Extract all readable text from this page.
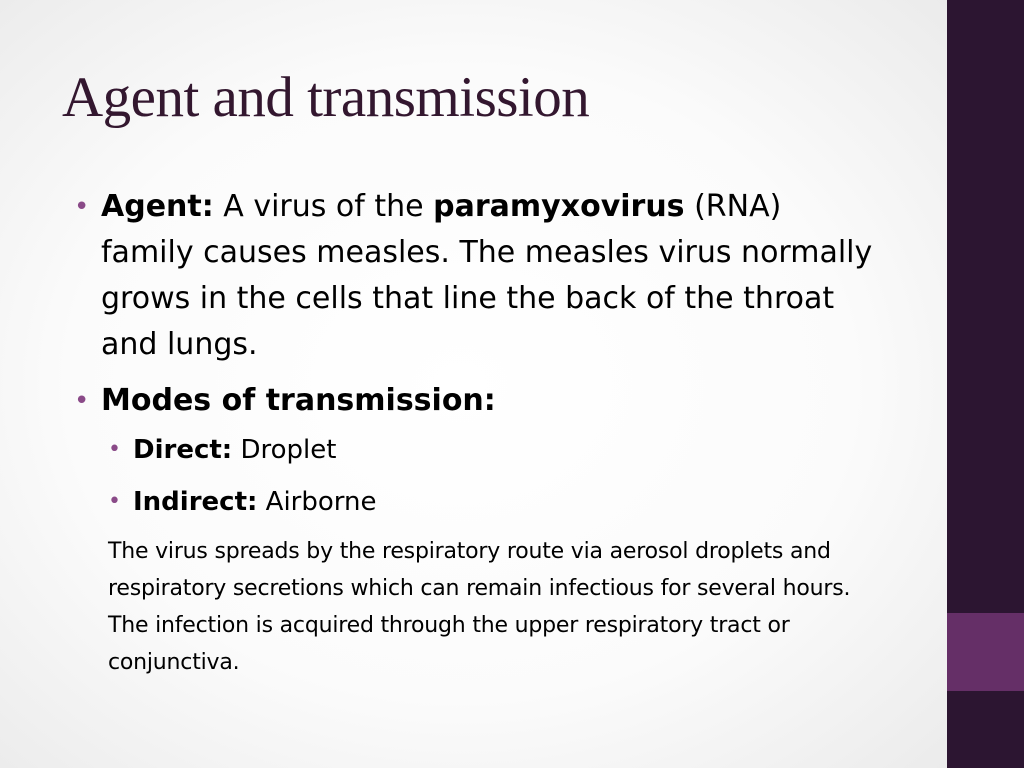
Agent and transmission
• Agent: A virus of the paramyxovirus (RNA) family causes measles. The measles virus normally grows in the cells that line the back of the throat and lungs.
• Modes of transmission:
• Direct: Droplet
• Indirect: Airborne
The virus spreads by the respiratory route via aerosol droplets and respiratory secretions which can remain infectious for several hours. The infection is acquired through the upper respiratory tract or conjunctiva.
